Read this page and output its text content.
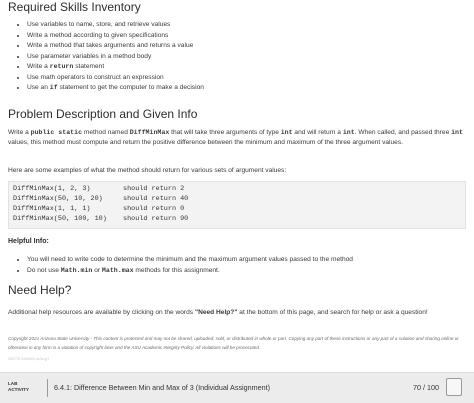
Required Skills Inventory
• Use variables to name, store, and retrieve values
• Write a method according to given specifications
• Write a method that takes arguments and returns a value
• Use parameter variables in a method body
• Write a return statement
• Use math operators to construct an expression
• Use an if statement to get the computer to make a decision
Problem Description and Given Info

Write a public static method named DiffMinMax that will take three arguments of type int and will return a int. When called, and passed three int values, this method must compute and return the positive difference between the minimum and maximum of the three argument values.

Here are some examples of what the method should return for various sets of argument values:

DiffMinMax(1, 2, 3)	should return 2
DiffMinMax(50, 10, 20)	should return 40
DiffMinMax(1, 1, 1)	should return 0
DiffMinMax(50, 100, 10) should return 90

Helpful Info:

• You will need to write code to determine the minimum and the maximum argument values passed to the method
• Do not use Math.min or Math.max methods for this assignment.
Need Help?

Additional help resources are available by clicking on the words "Need Help?" at the bottom of this page, and search for help or ask a question!

Copyright 2021 Arizona State University - This content is protected and may not be shared, uploaded, sold, or distributed in whole or part. Copying any part of these instructions or any part of a solution and sharing online or otherwise in any form is a violation of copyright laws and the ASU Academic Integrity Policy. All violations will be prosecuted.

539778.3499620.qx3zqy7
LAB
ACTIVITY	6.4.1: Difference Between Min and Max of 3 (Individual Assignment)	70 / 100
